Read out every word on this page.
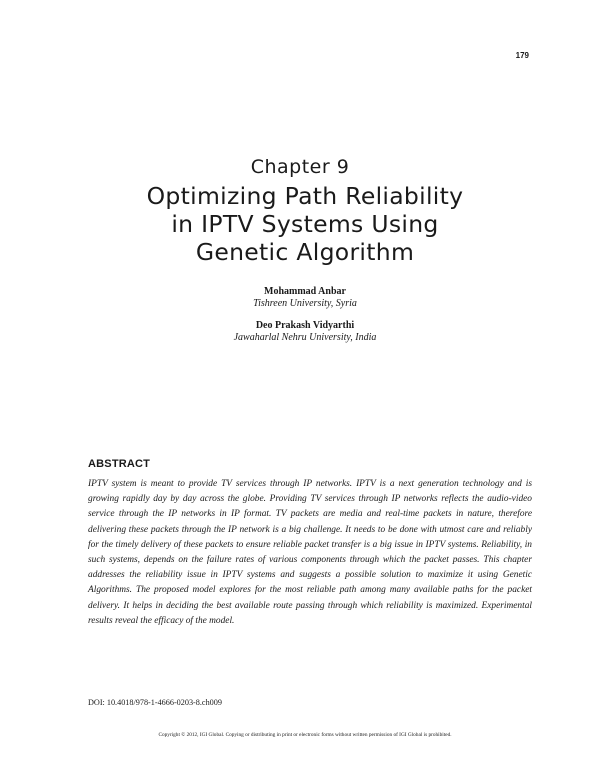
179
Chapter 9
Optimizing Path Reliability
in IPTV Systems Using
Genetic Algorithm
Mohammad Anbar
Tishreen University, Syria
Deo Prakash Vidyarthi
Jawaharlal Nehru University, India
ABSTRACT

IPTV system is meant to provide TV services through IP networks. IPTV is a next generation technology and is growing rapidly day by day across the globe. Providing TV services through IP networks reflects the audio-video service through the IP networks in IP format. TV packets are media and real-time packets in nature, therefore delivering these packets through the IP network is a big challenge. It needs to be done with utmost care and reliably for the timely delivery of these packets to ensure reliable packet transfer is a big issue in IPTV systems. Reliability, in such systems, depends on the failure rates of various components through which the packet passes. This chapter addresses the reliability issue in IPTV systems and suggests a possible solution to maximize it using Genetic Algorithms. The proposed model explores for the most reliable path among many available paths for the packet delivery. It helps in deciding the best available route passing through which reliability is maximized. Experimental results reveal the efficacy of the model.

DOI: 10.4018/978-1-4666-0203-8.ch009
Copyright © 2012, IGI Global. Copying or distributing in print or electronic forms without written permission of IGI Global is prohibited.
